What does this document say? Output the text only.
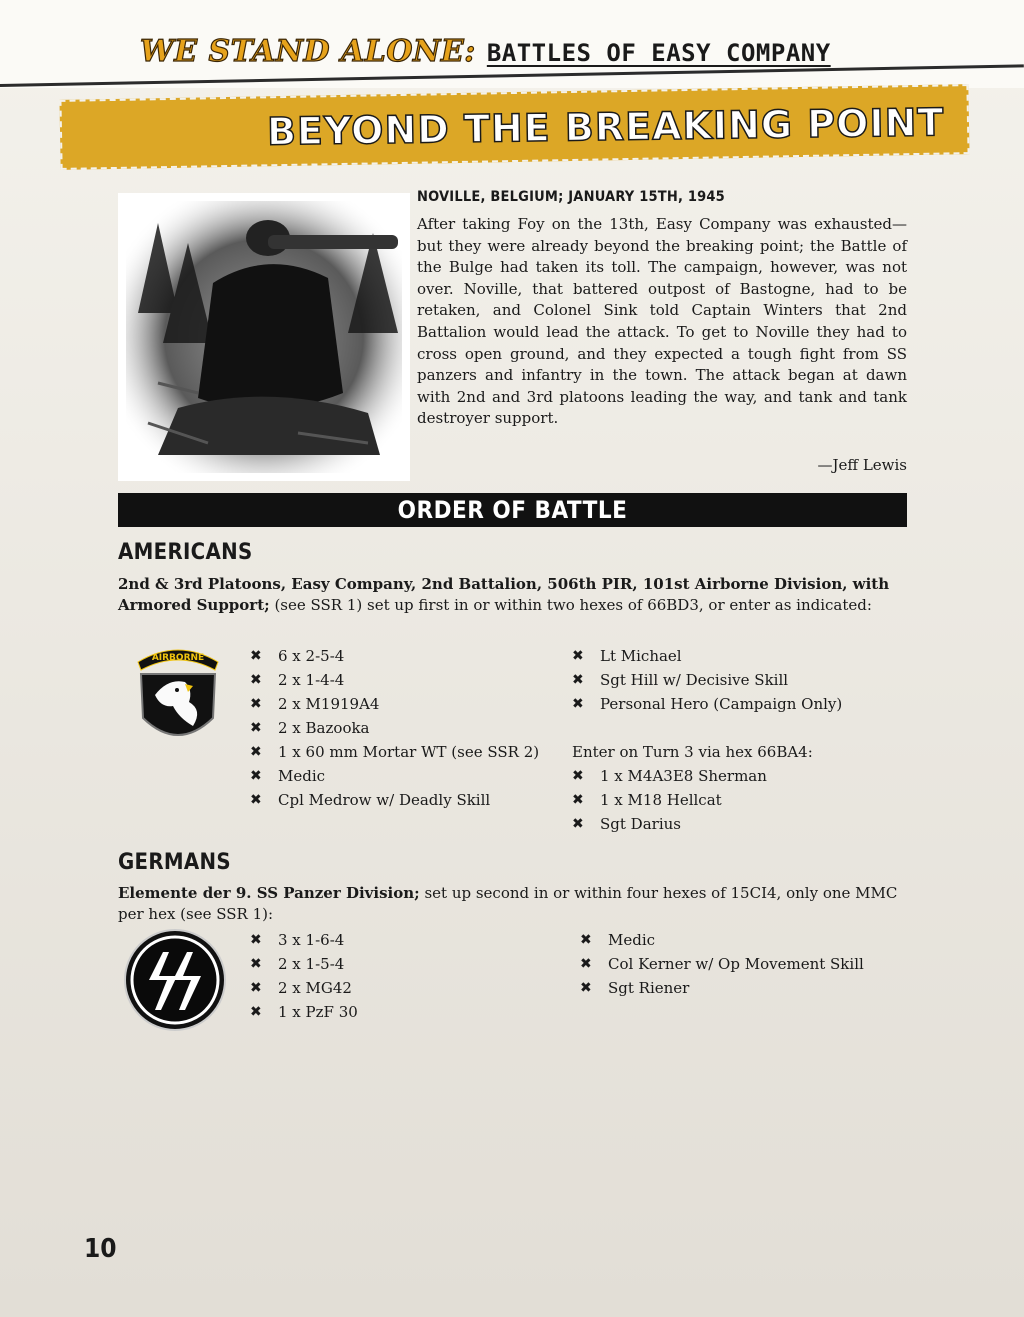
WE STAND ALONE: BATTLES OF EASY COMPANY
BEYOND THE BREAKING POINT
NOVILLE, BELGIUM; JANUARY 15TH, 1945
After taking Foy on the 13th, Easy Company was exhausted—but they were already beyond the breaking point; the Battle of the Bulge had taken its toll. The campaign, however, was not over. Noville, that battered outpost of Bastogne, had to be retaken, and Colonel Sink told Captain Winters that 2nd Battalion would lead the attack. To get to Noville they had to cross open ground, and they expected a tough fight from SS panzers and infantry in the town. The attack began at dawn with 2nd and 3rd platoons leading the way, and tank and tank destroyer support.
—Jeff Lewis
ORDER OF BATTLE
AMERICANS
2nd & 3rd Platoons, Easy Company, 2nd Battalion, 506th PIR, 101st Airborne Division, with Armored Support; (see SSR 1) set up first in or within two hexes of 66BD3, or enter as indicated:
AIRBORNE	✖	6 x 2-5-4
✖	2 x 1-4-4
✖	2 x M1919A4
✖	2 x Bazooka
✖	1 x 60 mm Mortar WT (see SSR 2)
✖	Medic
✖	Cpl Medrow w/ Deadly Skill
✖	Lt Michael
✖	Sgt Hill w/ Decisive Skill
✖	Personal Hero (Campaign Only)
Enter on Turn 3 via hex 66BA4:
✖	1 x M4A3E8 Sherman
✖	1 x M18 Hellcat
✖	Sgt Darius
GERMANS
Elemente der 9. SS Panzer Division; set up second in or within four hexes of 15CI4, only one MMC per hex (see SSR 1):
✖	3 x 1-6-4
✖	2 x 1-5-4
✖	2 x MG42
✖	1 x PzF 30
✖	Medic
✖	Col Kerner w/ Op Movement Skill
✖	Sgt Riener
10
